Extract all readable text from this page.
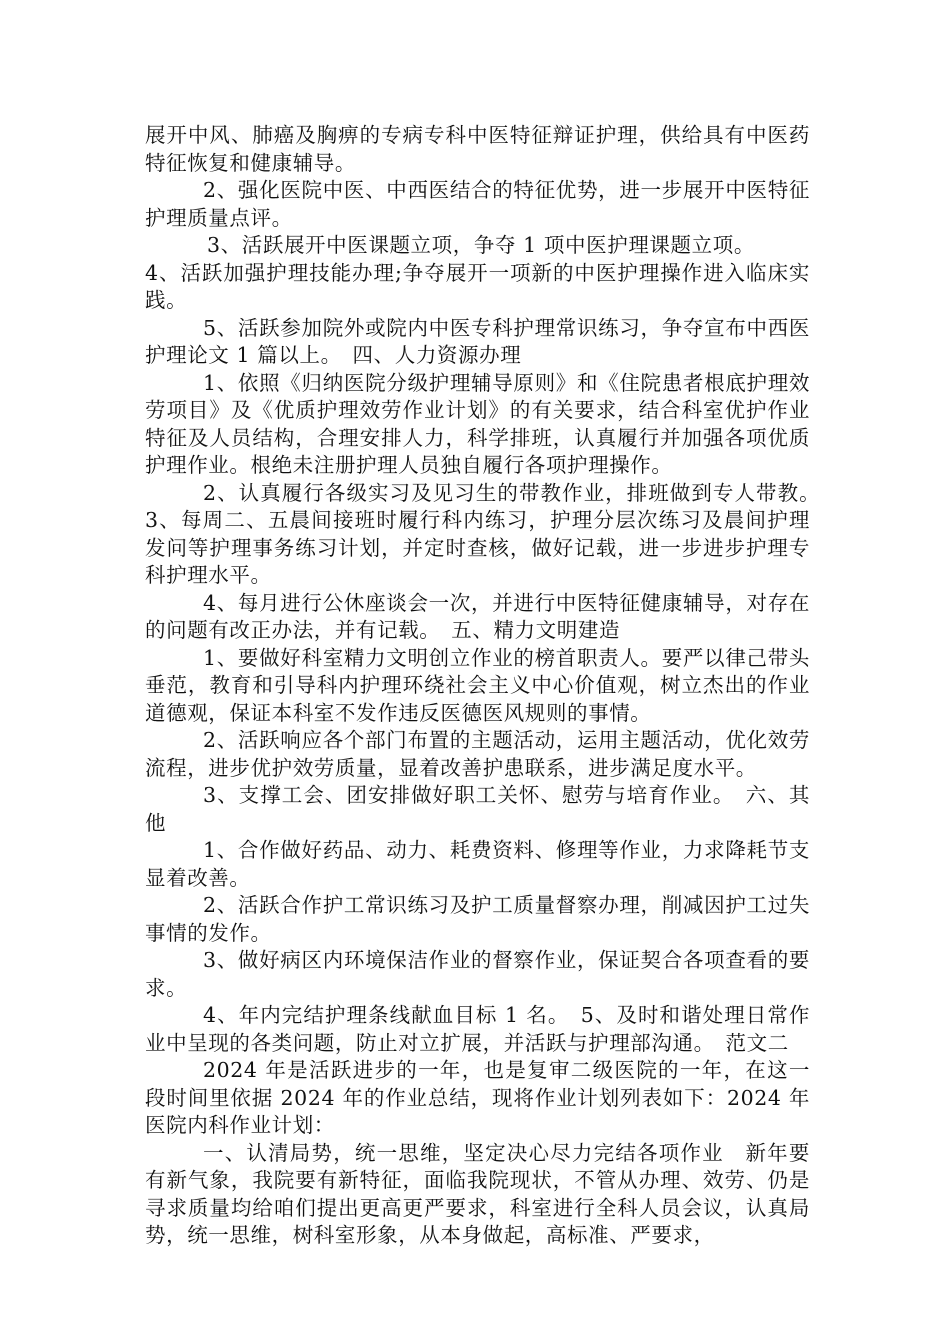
展开中风、肺癌及胸痹的专病专科中医特征辩证护理，供给具有中医药特征恢复和健康辅导。

2、强化医院中医、中西医结合的特征优势，进一步展开中医特征护理质量点评。

3、活跃展开中医课题立项，争夺 1 项中医护理课题立项。

4、活跃加强护理技能办理;争夺展开一项新的中医护理操作进入临床实践。

5、活跃参加院外或院内中医专科护理常识练习，争夺宣布中西医护理论文 1 篇以上。　四、人力资源办理

1、依照《归纳医院分级护理辅导原则》和《住院患者根底护理效劳项目》及《优质护理效劳作业计划》的有关要求，结合科室优护作业特征及人员结构，合理安排人力，科学排班，认真履行并加强各项优质护理作业。根绝未注册护理人员独自履行各项护理操作。

2、认真履行各级实习及见习生的带教作业，排班做到专人带教。　3、每周二、五晨间接班时履行科内练习，护理分层次练习及晨间护理发问等护理事务练习计划，并定时查核，做好记载，进一步进步护理专科护理水平。

4、每月进行公休座谈会一次，并进行中医特征健康辅导，对存在的问题有改正办法，并有记载。　五、精力文明建造

1、要做好科室精力文明创立作业的榜首职责人。要严以律己带头垂范，教育和引导科内护理环绕社会主义中心价值观，树立杰出的作业道德观，保证本科室不发作违反医德医风规则的事情。

2、活跃响应各个部门布置的主题活动，运用主题活动，优化效劳流程，进步优护效劳质量，显着改善护患联系，进步满足度水平。

3、支撑工会、团安排做好职工关怀、慰劳与培育作业。　六、其他

1、合作做好药品、动力、耗费资料、修理等作业，力求降耗节支显着改善。

2、活跃合作护工常识练习及护工质量督察办理，削减因护工过失事情的发作。

3、做好病区内环境保洁作业的督察作业，保证契合各项查看的要求。

4、年内完结护理条线献血目标 1 名。　5、及时和谐处理日常作业中呈现的各类问题，防止对立扩展，并活跃与护理部沟通。　范文二

2024 年是活跃进步的一年，也是复审二级医院的一年，在这一段时间里依据 2024 年的作业总结，现将作业计划列表如下：2024 年医院内科作业计划：

一、认清局势，统一思维，坚定决心尽力完结各项作业　新年要有新气象，我院要有新特征，面临我院现状，不管从办理、效劳、仍是寻求质量均给咱们提出更高更严要求，科室进行全科人员会议，认真局势，统一思维，树科室形象，从本身做起，高标准、严要求，
